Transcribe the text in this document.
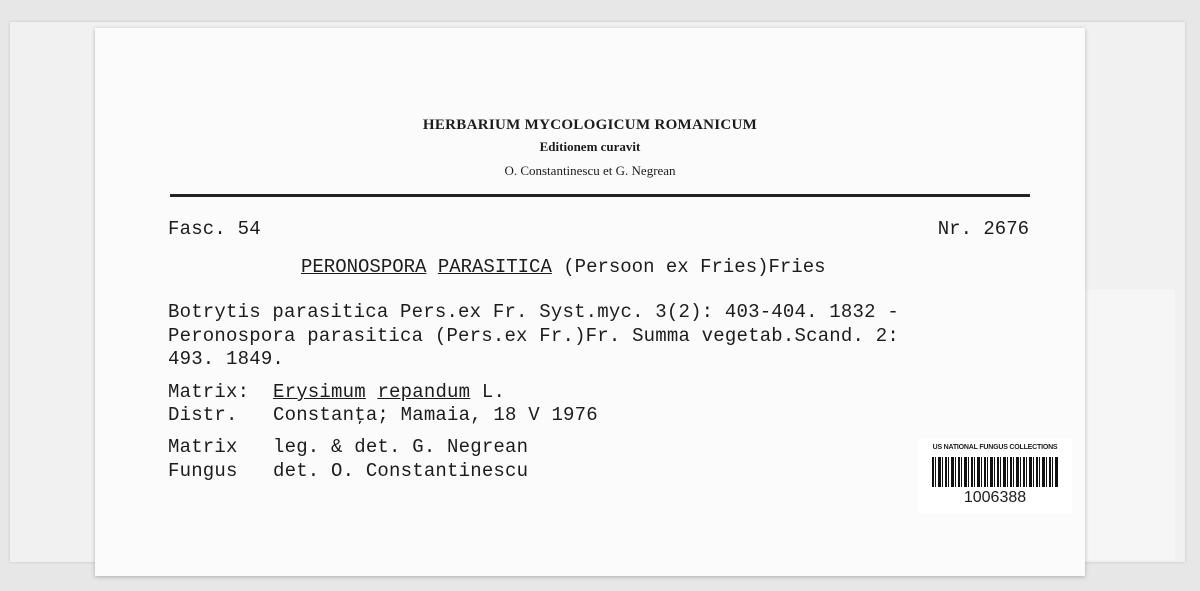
HERBARIUM MYCOLOGICUM ROMANICUM
Editionem curavit
O. Constantinescu et G. Negrean
Fasc. 54	Nr. 2676
PERONOSPORA PARASITICA (Persoon ex Fries)Fries
Botrytis parasitica Pers.ex Fr. Syst.myc. 3(2): 403-404. 1832 -
Peronospora parasitica (Pers.ex Fr.)Fr. Summa vegetab.Scand. 2:
493. 1849.
Matrix: Erysimum repandum L.
Distr. Constanţa; Mamaia, 18 V 1976
Matrix leg. & det. G. Negrean
Fungus det. O. Constantinescu
US NATIONAL FUNGUS COLLECTIONS
1006388
